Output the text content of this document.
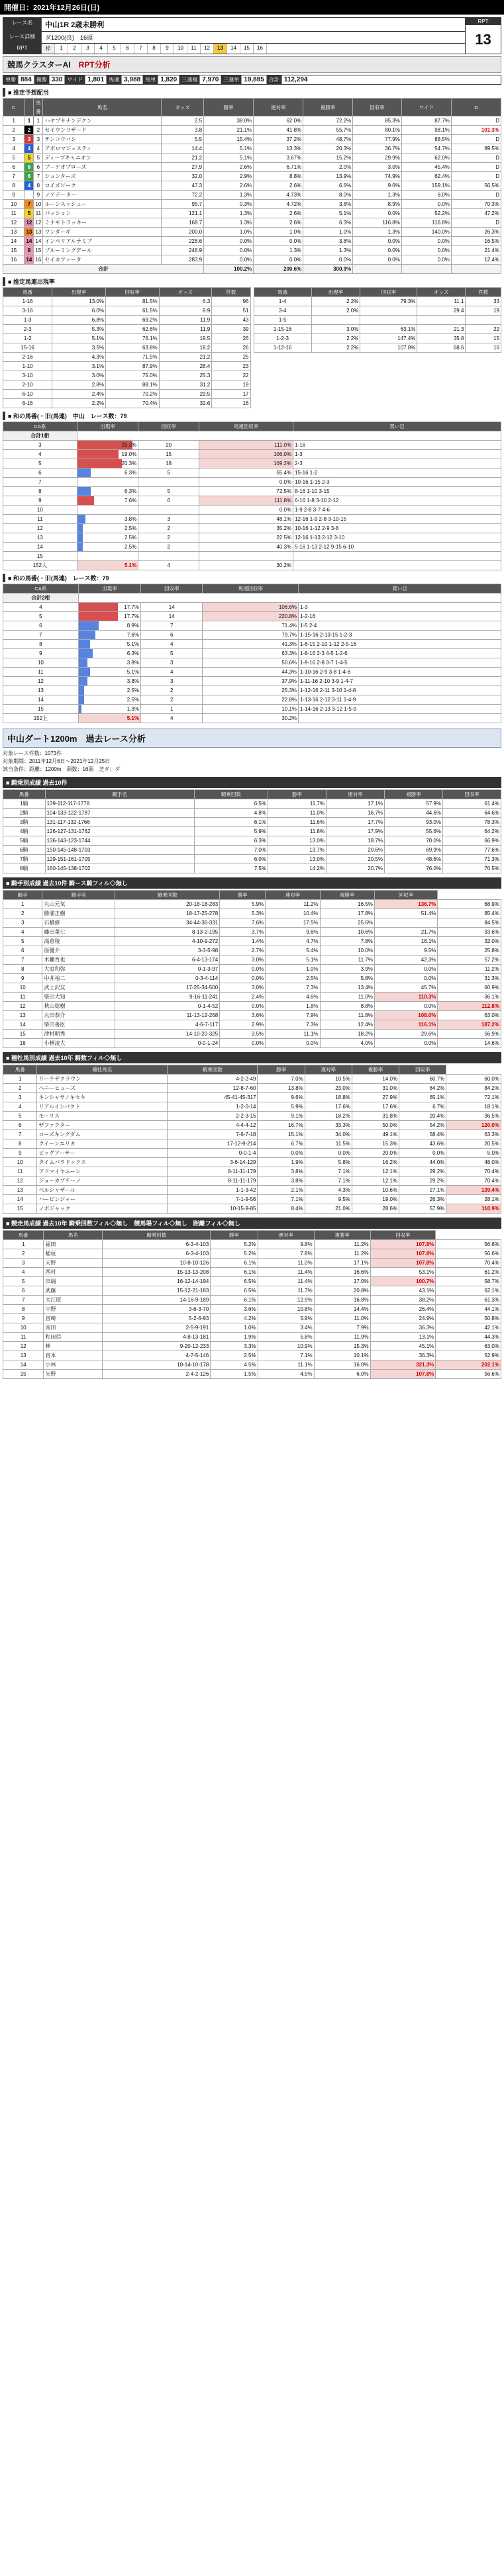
開催日：2021年12月26日(日)
レース名	中山1R 2歳未勝利
レース詳細	ダ1200(良)　16頭
RPT	枠	1	2	3	4	5	6	7	8	9	10	11	12	13	14	15	16
RPT
13
競馬クラスターAI　RPT分析
単勝 884 複勝 330 ワイド 1,801 馬連 3,988 馬単 1,820 三連複 7,970 三連単 19,885 合計 112,294
■ 推定予想配当
C		馬番	馬名	オッズ	勝率	連対率	複勝率	回収率	ワイド	D
1	1	1	ハヤブサナンデクン	2.5	38.0%	62.0%	72.2%	85.3%	87.7%	D
2	2	2	セイウンリザード	3.8	21.1%	41.8%	55.7%	80.1%	98.1%	101.3%
3	3	3	テンコウバシ	5.5	15.4%	37.2%	48.7%	77.9%	88.5%	D
4	4	4	アポロマジェスティ	14.4	5.1%	13.3%	20.3%	36.7%	54.7%	89.5%
5	5	5	ディープキャニオン	21.2	5.1%	3.67%	15.2%	29.9%	62.0%	D
6	6	6	ブーケオブローズ	27.9	2.6%	6.71%	2.0%	3.0%	45.4%	D
7	6	7	シュンターズ	32.0	2.9%	8.8%	13.9%	74.9%	62.4%	D
8	4	8	ロイズピーク	47.3	2.6%	2.6%	6.6%	9.0%	159.1%	56.5%
9		9	ノアデーター	72.2	1.3%	4.73%	8.0%	1.3%	6.0%	D
10	7	10	ルーンスッシュー	95.7	0.3%	4.72%	3.8%	8.9%	0.0%	70.3%
11	5	11	パッション	121.1	1.3%	2.6%	5.1%	0.0%	52.2%	47.2%
12	12	12	ミナモトラッキー	168.7	1.3%	2.6%	6.3%	116.8%	116.8%	D
13	13	13	ワンダーギ	200.0	1.0%	1.0%	1.0%	1.3%	140.0%	26.3%
14	14	14	インペリアルナミブ	228.6	0.0%	0.0%	3.8%	0.0%	0.0%	16.5%
15	8	15	ブルーミングデール	248.9	0.0%	1.3%	1.3%	0.0%	0.0%	21.4%
16	14	16	セイカファータ	283.9	0.0%	0.0%	0.0%	0.0%	0.0%	12.4%
合計					100.2%	200.6%	300.9%			
■ 推定馬連出現率
馬番	出現率	回収率	オッズ	件数
1-16	13.0%	81.5%	6.3	96
3-16	6.0%	61.5%	8.9	51
1-3	6.8%	69.2%	11.9	43
2-3	5.3%	62.6%	11.9	39
1-2	5.1%	76.1%	19.5	26
15-16	3.5%	63.8%	18.2	26
2-16	4.3%	71.5%	21.2	25
1-10	3.1%	87.9%	28.4	23
3-10	3.0%	75.0%	25.3	22
2-10	2.8%	88.1%	31.2	19
6-10	2.4%	70.2%	29.5	17
6-16	2.2%	70.4%	32.6	16
馬番	出現率	回収率	オッズ	件数
1-4	2.2%	79.3%	11.1	33
3-4	2.0%		29.4	19
1-5				
1-15-16	3.0%	63.1%	21.3	22
1-2-3	2.2%	147.4%	35.8	15
1-12-16	2.2%	107.8%	68.6	16
■ 和の馬番(・旧(馬連)　中山　レース数：79
CA系	出現率	回収率	馬連回収率	買い目
合計1桁				
3	25.3%	20	111.0%	1-16
4	19.0%	15	106.0%	1-3
5	20.3%	18	109.2%	2-3
6	6.3%	5	55.4%	15-16 1-2
7			0.0%	10-16 1-15 2-3
8	6.3%	5	72.5%	8-16 1-10 3-15
9	7.6%	6	111.8%	6-16 1-8 3-10 2-12
10			0.0%	1-9 2-8 3-7 4-6
11	3.8%	3	48.1%	12-16 1-9 2-8 3-10-15
12	2.5%	2	35.2%	10-16 1-12 2-9 3-8
13	2.5%	2	22.5%	12-16 1-13 2-12 3-10
14	2.5%	2	40.3%	5-16 1-13 2-12 9-15 6-10
15				
152人	5.1%	4	30.2%	
■ 和の馬番(・旧(馬連)　レース数：79
CA系	出現率	回収率	馬連回収率	買い目
合計2桁				
4	17.7%	14	106.6%	1-3
5	17.7%	14	220.8%	1-2-16
6	8.9%	7	71.4%	1-5 2-4
7	7.6%	6	79.7%	1-15-16 2-13-15 1-2-3
8	5.1%	4	41.3%	1-6-15 2-10 1-12 2-5-16
9	6.3%	5	63.3%	1-8-16 2-3 4-5 1-2-6
10	3.8%	3	50.6%	1-9-16 2-8 3-7 1-4-5
11	5.1%	4	44.3%	1-10-16 2-9 3-8 1-4-6
12	3.8%	3	37.9%	1-11-16 2-10 3-9 1-4-7
13	2.5%	2	25.3%	1-12-16 2-11 3-10 1-4-8
14	2.5%	2	22.8%	1-13-16 2-12 3-11 1-4-9
15	1.3%	1	10.1%	1-14-16 2-13 3-12 1-5-9
152上	5.1%	4	30.2%	
中山ダート1200m　過去レース分析
対象レース件数：1073件
対象期間：2011年12月6日～2021年12月25日
該当条件：距離：1200m　頭数：16頭　芝ダ：ダ
■ 騎乗別成績 過去10件
馬番	騎手名	騎乗回数	勝率	連対率	複勝率	回収率
1騎	139-112-117-1778	6.5%	11.7%	17.1%	57.9%	61.4%
2騎	104-133-122-1787	4.8%	11.0%	16.7%	44.6%	64.6%
3騎	131-117-132-1766	6.1%	11.6%	17.7%	93.0%	78.3%
4騎	126-127-131-1762	5.9%	11.8%	17.9%	55.6%	64.2%
5騎	136-143-123-1744	6.3%	13.0%	18.7%	70.0%	66.9%
6騎	150-145-148-1703	7.0%	13.7%	20.6%	69.9%	77.6%
7騎	129-151-161-1705	6.0%	13.0%	20.5%	48.6%	71.3%
8騎	160-145-138-1702	7.5%	14.2%	20.7%	76.0%	70.5%
■ 騎手別成績 過去10件 騎ース騎フィル◇無し
騎手	騎手名	騎乗回数	勝率	連対率	複勝率	回収率	
1	丸山元気	20-18-18-283	5.9%	11.2%	16.5%	136.7%	68.9%
2	勝浦正樹	18-17-25-278	5.3%	10.4%	17.8%	51.4%	85.4%
3	石橋修	34-44-36-331	7.6%	17.5%	25.6%		84.5%
4	藤田菜七	8-13-2-195	3.7%	9.6%	10.6%	21.7%	33.6%
5	高倉稜	4-10-9-272	1.4%	4.7%	7.8%	18.1%	32.0%
6	原優介	3-3-5-98	2.7%	5.4%	10.0%	9.5%	25.8%
7	木幡育也	6-4-13-174	3.0%	5.1%	11.7%	42.3%	57.2%
8	大庭和弥	0-1-3-97	0.0%	1.0%	3.9%	0.0%	11.2%
9	中井裕二	0-3-4-114	0.0%	2.5%	5.8%	0.0%	31.3%
10	武士沢友	17-25-34-500	3.0%	7.3%	13.4%	45.7%	60.9%
11	柴田大知	9-16-11-241	2.4%	4.6%	11.0%	110.3%	36.1%
12	秋山稔樹	0-1-4-52	0.0%	1.8%	8.8%	0.0%	112.8%
13	丸田恭介	11-13-12-268	3.6%	7.9%	11.8%	108.0%	63.0%
14	柴田善臣	4-6-7-117	2.9%	7.3%	12.4%	116.1%	187.2%
15	津村明秀	14-10-20-325	3.5%	11.1%	18.2%	29.6%	56.9%
16	小林凌大	0-0-1-24	0.0%	0.0%	4.0%	0.0%	14.6%
■ 種牡馬別成績 過去10年 騎数フィル◇無し
馬番	種牡馬名	騎乗回数	勝率	連対率	複勝率	回収率	
1	リーチザクラウン	4-2-2-49	7.0%	10.5%	14.0%	60.7%	60.0%
2	ヘニーヒューズ	12-8-7-60	13.8%	23.0%	31.0%	84.2%	84.2%
3	キンシャサノキセキ	45-41-45-317	9.6%	18.8%	27.9%	65.1%	72.1%
4	リアルインパクト	1-2-0-14	5.9%	17.6%	17.6%	6.7%	18.1%
5	モーリス	2-2-3-15	9.1%	18.2%	31.8%	20.4%	36.5%
6	ザファクター	4-4-4-12	16.7%	33.3%	50.0%	54.2%	120.0%
7	ローズキングダム	7-6-7-18	15.1%	34.0%	49.1%	58.4%	63.3%
8	クイーンエリカ	17-12-9-214	6.7%	11.5%	15.3%	43.6%	20.5%
9	ビッグアーサー	0-0-1-4	0.0%	0.0%	20.0%	0.0%	5.0%
10	タイムパラドックス	3-6-14-129	1.9%	5.8%	16.2%	44.0%	48.0%
11	アドマイヤムーン	8-11-11-179	3.8%	7.1%	12.1%	29.2%	70.4%
12	ジョーカプチーノ	8-11-11-179	3.8%	7.1%	12.1%	29.2%	70.4%
13	ベルシャザール	1-1-3-42	2.1%	4.3%	10.6%	27.1%	139.4%
14	ハービンジャー	7-1-9-56	7.1%	9.5%	19.0%	26.3%	28.1%
15	ノボジャック	10-15-9-85	8.4%	21.0%	28.6%	57.9%	110.9%
■ 競走馬成績 過去10年 騎乗回数フィル◇無し　競馬場フィル◇無し　距離フィル◇無し
馬番	馬名	騎乗回数	勝率	連対率	複勝率	回収率	
1	福田	6-3-4-103	5.2%	9.8%	11.2%	107.8%	56.6%
2	稲垣	6-3-4-103	5.2%	7.8%	11.2%	107.8%	56.6%
3	天野	10-8-10-126	6.1%	11.0%	17.1%	107.8%	70.4%
4	西村	15-13-13-208	6.1%	11.4%	16.6%	53.1%	61.2%
5	田端	16-12-14-194	6.5%	11.4%	17.0%	100.7%	58.7%
6	武藤	15-12-21-183	6.5%	11.7%	20.8%	43.1%	62.1%
7	大江原	14-16-9-189	6.1%	12.9%	16.8%	38.2%	61.3%
8	中野	3-6-3-70	3.6%	10.8%	14.4%	26.4%	44.1%
9	宮崎	5-2-6-93	4.2%	5.9%	11.0%	24.9%	50.8%
10	南田	2-5-9-191	1.0%	3.4%	7.9%	36.3%	42.1%
11	和田信	4-8-13-181	1.9%	5.8%	11.9%	13.1%	44.3%
12	林	9-20-12-233	3.3%	10.9%	15.3%	45.1%	63.0%
13	宮本	4-7-5-146	2.5%	7.1%	10.1%	36.3%	52.9%
14	小林	10-14-10-178	4.5%	11.1%	16.0%	321.3%	202.1%
15	矢野	2-4-2-126	1.5%	4.5%	6.0%	107.8%	56.6%
